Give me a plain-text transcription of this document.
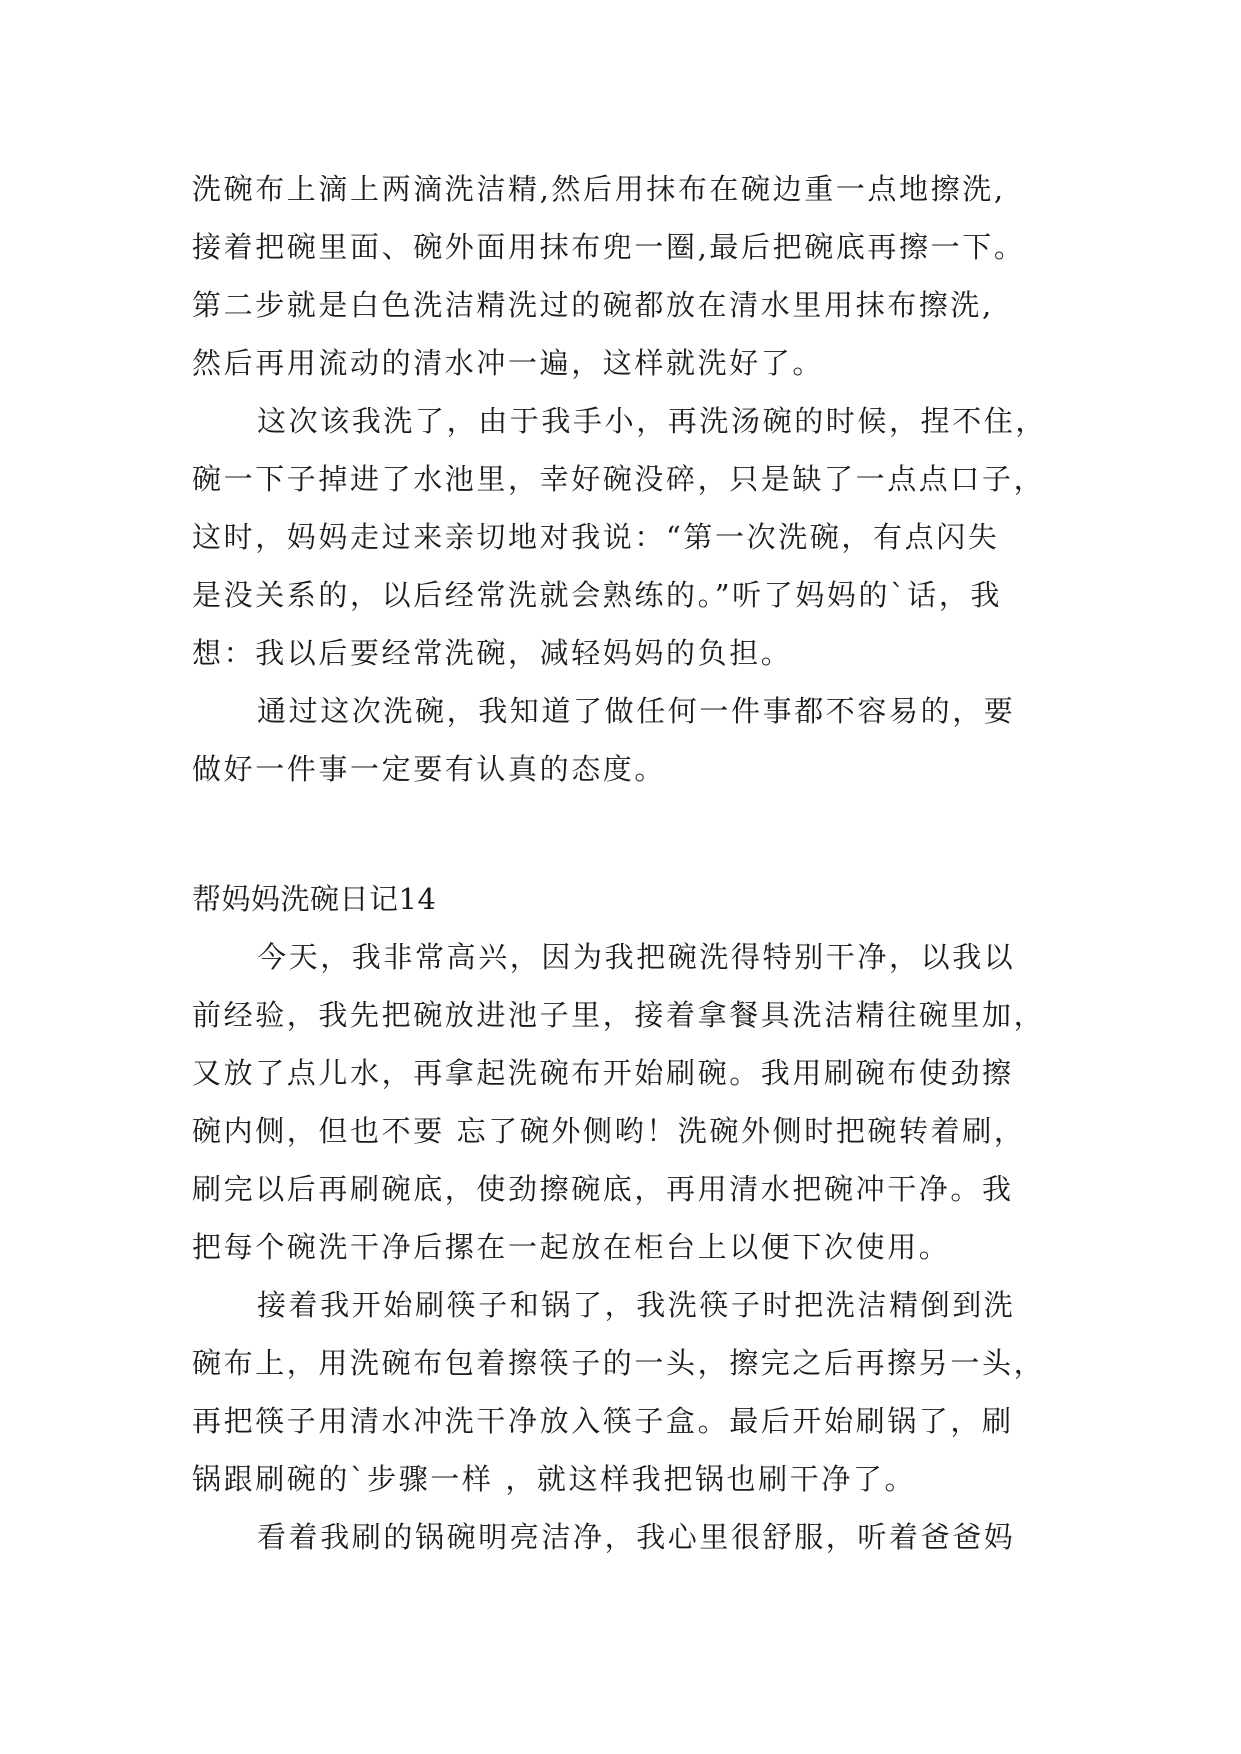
洗碗布上滴上两滴洗洁精,然后用抹布在碗边重一点地擦洗,
接着把碗里面、碗外面用抹布兜一圈,最后把碗底再擦一下。
第二步就是白色洗洁精洗过的碗都放在清水里用抹布擦洗,
然后再用流动的清水冲一遍，这样就洗好了。
这次该我洗了，由于我手小，再洗汤碗的时候，捏不住，
碗一下子掉进了水池里，幸好碗没碎，只是缺了一点点口子，
这时，妈妈走过来亲切地对我说：“第一次洗碗，有点闪失
是没关系的，以后经常洗就会熟练的。”听了妈妈的`话，我
想：我以后要经常洗碗，减轻妈妈的负担。
通过这次洗碗，我知道了做任何一件事都不容易的，要
做好一件事一定要有认真的态度。
帮妈妈洗碗日记14
今天，我非常高兴，因为我把碗洗得特别干净，以我以
前经验，我先把碗放进池子里，接着拿餐具洗洁精往碗里加，
又放了点儿水，再拿起洗碗布开始刷碗。我用刷碗布使劲擦
碗内侧，但也不要 忘了碗外侧哟！洗碗外侧时把碗转着刷，
刷完以后再刷碗底，使劲擦碗底，再用清水把碗冲干净。我
把每个碗洗干净后摞在一起放在柜台上以便下次使用。
接着我开始刷筷子和锅了，我洗筷子时把洗洁精倒到洗
碗布上，用洗碗布包着擦筷子的一头，擦完之后再擦另一头，
再把筷子用清水冲洗干净放入筷子盒。最后开始刷锅了，刷
锅跟刷碗的`步骤一样 ，就这样我把锅也刷干净了。
看着我刷的锅碗明亮洁净，我心里很舒服，听着爸爸妈
